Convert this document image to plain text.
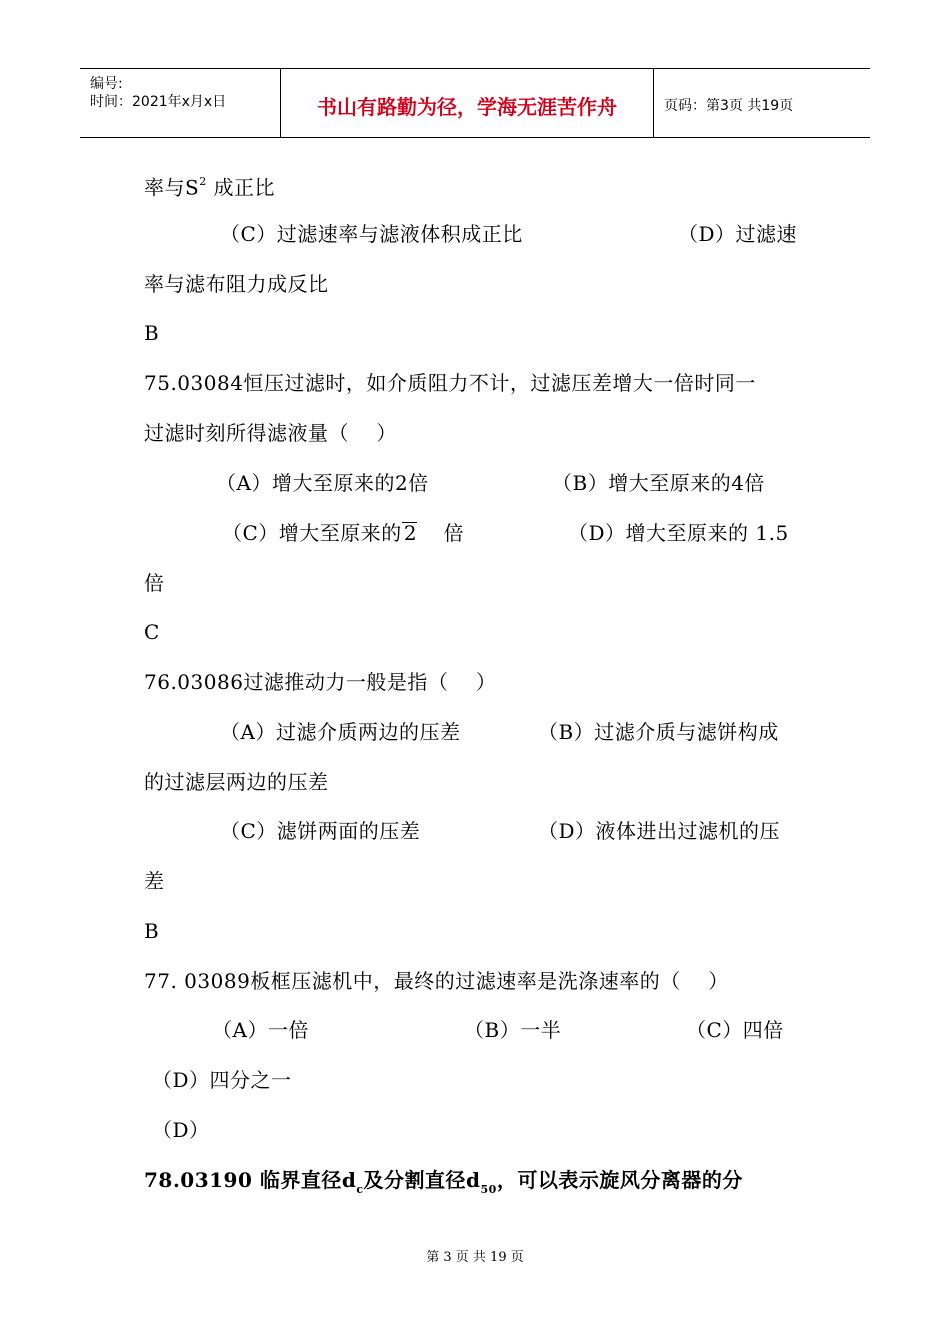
编号:
时间：2021年x月x日	书山有路勤为径，学海无涯苦作舟	页码：第3页 共19页
率与$S^2$ 成正比
（C）过滤速率与滤液体积成正比	（D）过滤速
率与滤布阻力成反比
B
75.03084恒压过滤时，如介质阻力不计，过滤压差增大一倍时同一
过滤时刻所得滤液量（    ）
（A）增大至原来的2倍	（B）增大至原来的4倍
（C）增大至原来的 2 倍	（D）增大至原来的 1.5
倍
C
76.03086过滤推动力一般是指（    ）
（A）过滤介质两边的压差	（B）过滤介质与滤饼构成
的过滤层两边的压差
（C）滤饼两面的压差	（D）液体进出过滤机的压
差
B
77. 03089板框压滤机中，最终的过滤速率是洗涤速率的（    ）
（A）一倍	（B）一半	（C）四倍
（D）四分之一
（D）
78.03190 临界直径$d_c$及分割直径$d_{50}$，可以表示旋风分离器的分
第 3 页 共 19 页
